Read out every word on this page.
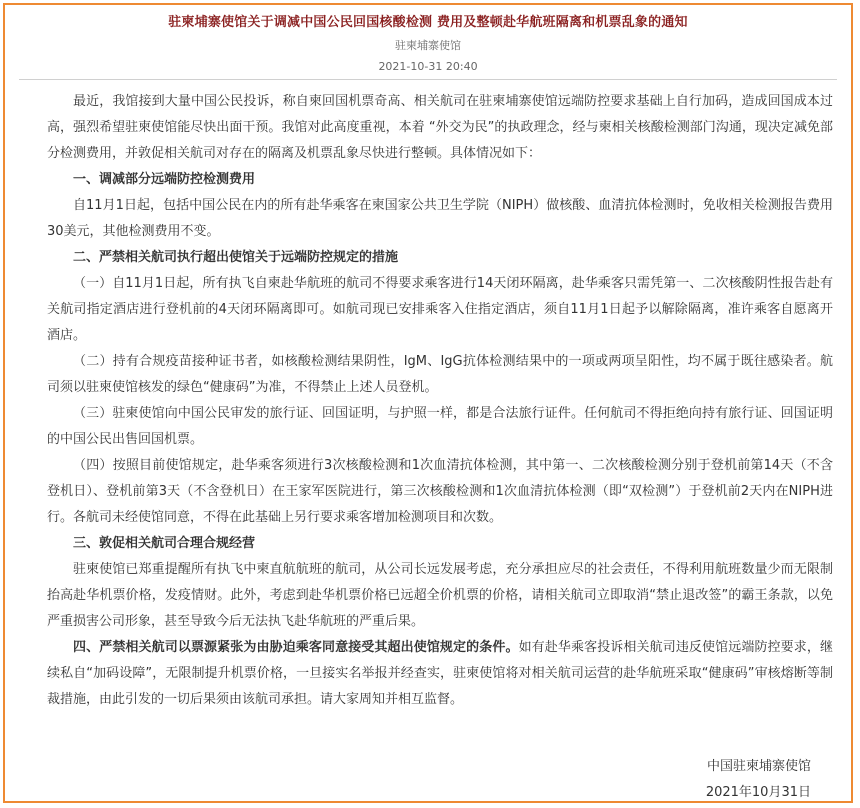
驻柬埔寨使馆关于调减中国公民回国核酸检测 费用及整顿赴华航班隔离和机票乱象的通知
驻柬埔寨使馆
2021-10-31 20:40

最近，我馆接到大量中国公民投诉，称自柬回国机票奇高、相关航司在驻柬埔寨使馆远端防控要求基础上自行加码，造成回国成本过高，强烈希望驻柬使馆能尽快出面干预。我馆对此高度重视，本着 “外交为民”的执政理念，经与柬相关核酸检测部门沟通，现决定减免部分检测费用，并敦促相关航司对存在的隔离及机票乱象尽快进行整顿。具体情况如下：

一、调减部分远端防控检测费用

自11月1日起，包括中国公民在内的所有赴华乘客在柬国家公共卫生学院（NIPH）做核酸、血清抗体检测时，免收相关检测报告费用30美元，其他检测费用不变。

二、严禁相关航司执行超出使馆关于远端防控规定的措施

（一）自11月1日起，所有执飞自柬赴华航班的航司不得要求乘客进行14天闭环隔离，赴华乘客只需凭第一、二次核酸阴性报告赴有关航司指定酒店进行登机前的4天闭环隔离即可。如航司现已安排乘客入住指定酒店，须自11月1日起予以解除隔离，准许乘客自愿离开酒店。

（二）持有合规疫苗接种证书者，如核酸检测结果阴性，IgM、IgG抗体检测结果中的一项或两项呈阳性，均不属于既往感染者。航司须以驻柬使馆核发的绿色“健康码”为准，不得禁止上述人员登机。

（三）驻柬使馆向中国公民审发的旅行证、回国证明，与护照一样，都是合法旅行证件。任何航司不得拒绝向持有旅行证、回国证明的中国公民出售回国机票。

（四）按照目前使馆规定，赴华乘客须进行3次核酸检测和1次血清抗体检测，其中第一、二次核酸检测分别于登机前第14天（不含登机日）、登机前第3天（不含登机日）在王家军医院进行，第三次核酸检测和1次血清抗体检测（即“双检测”）于登机前2天内在NIPH进行。各航司未经使馆同意，不得在此基础上另行要求乘客增加检测项目和次数。

三、敦促相关航司合理合规经营

驻柬使馆已郑重提醒所有执飞中柬直航航班的航司，从公司长远发展考虑，充分承担应尽的社会责任，不得利用航班数量少而无限制抬高赴华机票价格，发疫情财。此外，考虑到赴华机票价格已远超全价机票的价格，请相关航司立即取消“禁止退改签”的霸王条款，以免严重损害公司形象，甚至导致今后无法执飞赴华航班的严重后果。

四、严禁相关航司以票源紧张为由胁迫乘客同意接受其超出使馆规定的条件。如有赴华乘客投诉相关航司违反使馆远端防控要求，继续私自“加码设障”，无限制提升机票价格，一旦接实名举报并经查实，驻柬使馆将对相关航司运营的赴华航班采取“健康码”审核熔断等制裁措施，由此引发的一切后果须由该航司承担。请大家周知并相互监督。

中国驻柬埔寨使馆
2021年10月31日
